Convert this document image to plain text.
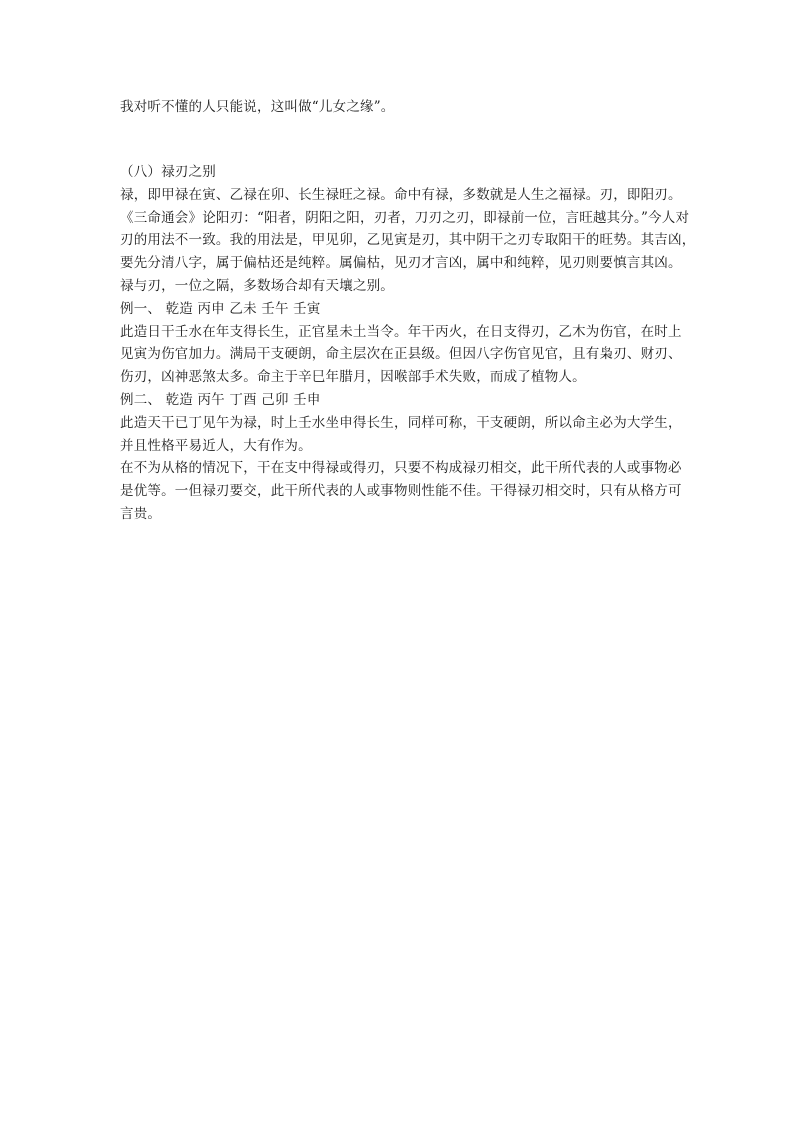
我对听不懂的人只能说，这叫做“儿女之缘”。

（八）禄刃之别
禄，即甲禄在寅、乙禄在卯、长生禄旺之禄。命中有禄，多数就是人生之福禄。刃，即阳刃。
《三命通会》论阳刃：“阳者，阴阳之阳，刃者，刀刃之刃，即禄前一位，言旺越其分。”今人对
刃的用法不一致。我的用法是，甲见卯，乙见寅是刃，其中阴干之刃专取阳干的旺势。其吉凶，
要先分清八字，属于偏枯还是纯粹。属偏枯，见刃才言凶，属中和纯粹，见刃则要慎言其凶。
禄与刃，一位之隔，多数场合却有天壤之别。
例一、 乾造 丙申 乙未 壬午 壬寅
此造日干壬水在年支得长生，正官星未土当令。年干丙火，在日支得刃，乙木为伤官，在时上
见寅为伤官加力。满局干支硬朗，命主层次在正县级。但因八字伤官见官，且有枭刃、财刃、
伤刃，凶神恶煞太多。命主于辛巳年腊月，因喉部手术失败，而成了植物人。
例二、 乾造 丙午 丁酉 己卯 壬申
此造天干已丁见午为禄，时上壬水坐申得长生，同样可称，干支硬朗，所以命主必为大学生，
并且性格平易近人，大有作为。
在不为从格的情况下，干在支中得禄或得刃，只要不构成禄刃相交，此干所代表的人或事物必
是优等。一但禄刃要交，此干所代表的人或事物则性能不佳。干得禄刃相交时，只有从格方可
言贵。
